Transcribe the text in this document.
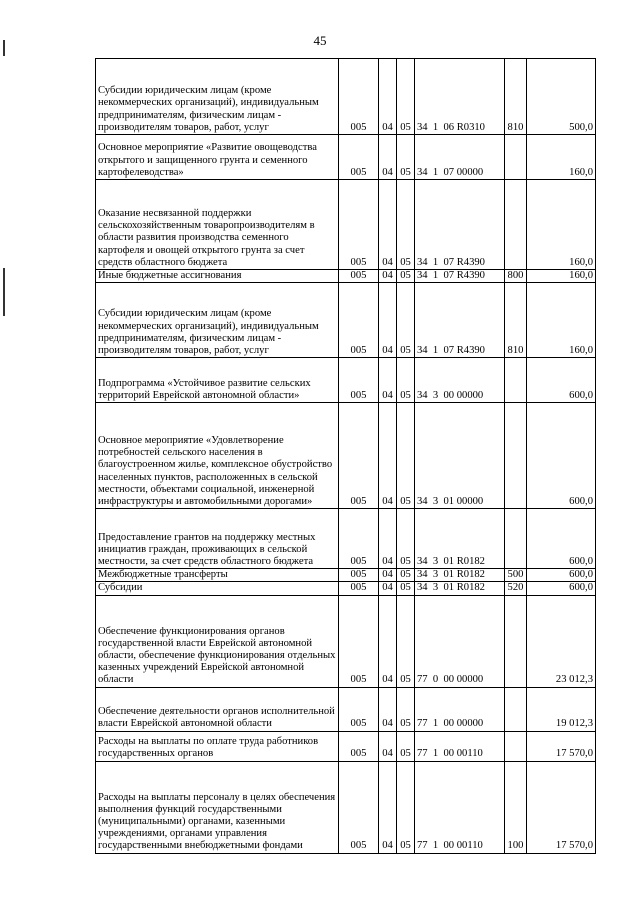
45
Субсидии юридическим лицам (кроме некоммерческих организаций), индивидуальным предпринимателям, физическим лицам - производителям товаров, работ, услуг	005	04	05	34  1  06 R0310	810	500,0
Основное мероприятие «Развитие овощеводства открытого и защищенного грунта и семенного картофелеводства»	005	04	05	34  1  07 00000		160,0
Оказание несвязанной поддержки сельскохозяйственным товаропроизводителям в области развития производства семенного картофеля и овощей открытого грунта за счет средств областного бюджета	005	04	05	34  1  07 R4390		160,0
Иные бюджетные ассигнования	005	04	05	34  1  07 R4390	800	160,0
Субсидии юридическим лицам (кроме некоммерческих организаций), индивидуальным предпринимателям, физическим лицам - производителям товаров, работ, услуг	005	04	05	34  1  07 R4390	810	160,0
Подпрограмма «Устойчивое развитие сельских территорий Еврейской автономной области»	005	04	05	34  3  00 00000		600,0
Основное мероприятие «Удовлетворение потребностей сельского населения в благоустроенном жилье, комплексное обустройство населенных пунктов, расположенных в сельской местности, объектами социальной, инженерной инфраструктуры и автомобильными дорогами»	005	04	05	34  3  01 00000		600,0
Предоставление грантов на поддержку местных инициатив граждан, проживающих в сельской местности, за счет средств областного бюджета	005	04	05	34  3  01 R0182		600,0
Межбюджетные трансферты	005	04	05	34  3  01 R0182	500	600,0
Субсидии	005	04	05	34  3  01 R0182	520	600,0
Обеспечение функционирования органов государственной власти Еврейской автономной области, обеспечение функционирования отдельных казенных учреждений Еврейской автономной области	005	04	05	77  0  00 00000		23 012,3
Обеспечение деятельности органов исполнительной власти Еврейской автономной области	005	04	05	77  1  00 00000		19 012,3
Расходы на выплаты по оплате труда работников государственных органов	005	04	05	77  1  00 00110		17 570,0
Расходы на выплаты персоналу в целях обеспечения выполнения функций государственными (муниципальными) органами, казенными учреждениями, органами управления государственными внебюджетными фондами	005	04	05	77  1  00 00110	100	17 570,0
